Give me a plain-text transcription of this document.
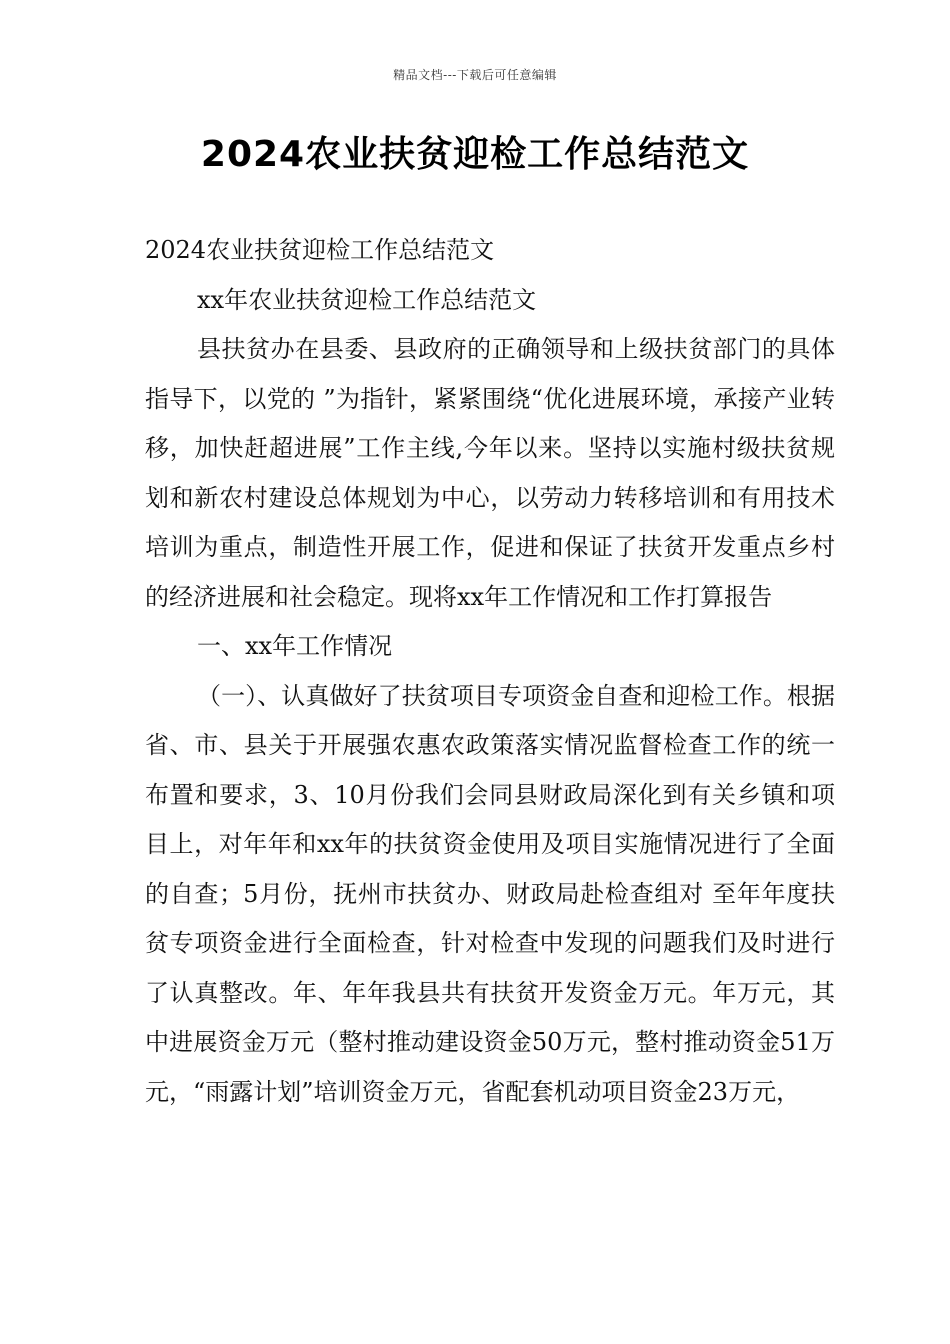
精品文档---下载后可任意编辑
2024农业扶贫迎检工作总结范文

2024农业扶贫迎检工作总结范文

xx年农业扶贫迎检工作总结范文

县扶贫办在县委、县政府的正确领导和上级扶贫部门的具体指导下，以党的 ”为指针，紧紧围绕“优化进展环境，承接产业转移，加快赶超进展”工作主线,今年以来。坚持以实施村级扶贫规划和新农村建设总体规划为中心，以劳动力转移培训和有用技术培训为重点，制造性开展工作，促进和保证了扶贫开发重点乡村的经济进展和社会稳定。现将xx年工作情况和工作打算报告

一、xx年工作情况

（一）、认真做好了扶贫项目专项资金自查和迎检工作。根据省、市、县关于开展强农惠农政策落实情况监督检查工作的统一布置和要求，3、10月份我们会同县财政局深化到有关乡镇和项目上，对年年和xx年的扶贫资金使用及项目实施情况进行了全面的自查；5月份，抚州市扶贫办、财政局赴检查组对 至年年度扶贫专项资金进行全面检查，针对检查中发现的问题我们及时进行了认真整改。年、年年我县共有扶贫开发资金万元。年万元，其中进展资金万元（整村推动建设资金50万元，整村推动资金51万元，“雨露计划”培训资金万元，省配套机动项目资金23万元，
